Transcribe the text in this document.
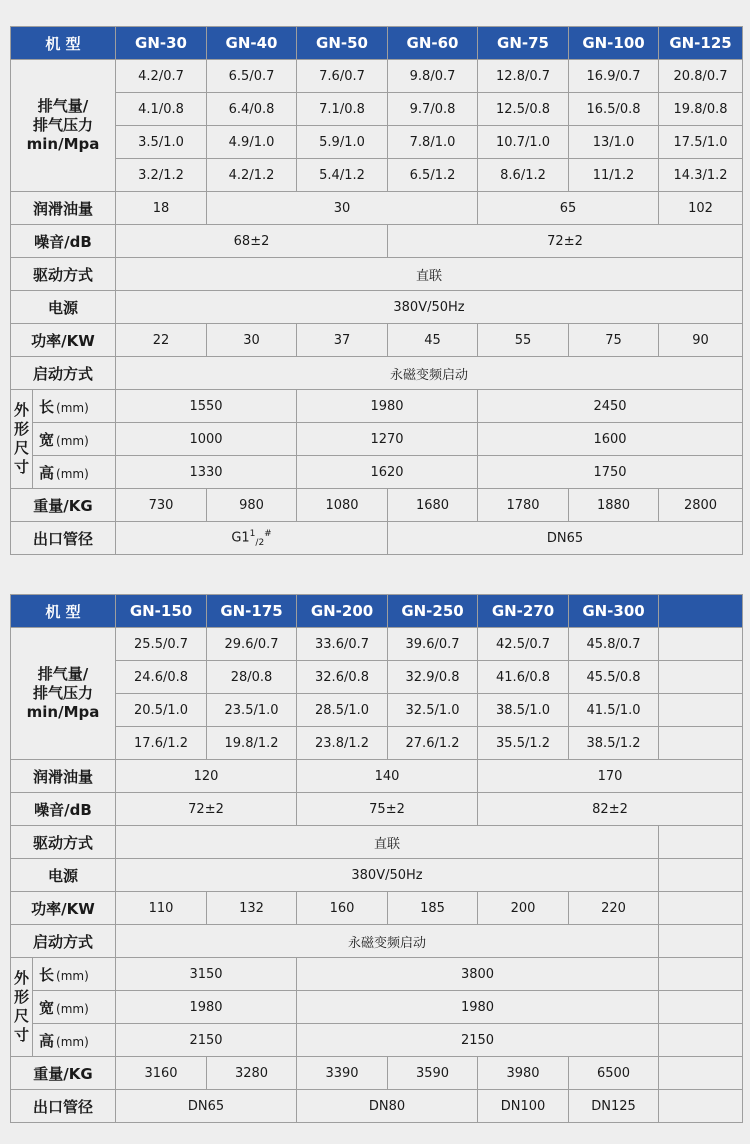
机 型		GN-30	GN-40	GN-50	GN-60	GN-75	GN-100	GN-125

排气量/
排气压力
min/Mpa		4.2/0.7	6.5/0.7	7.6/0.7	9.8/0.7	12.8/0.7	16.9/0.7	20.8/0.7
		4.1/0.8	6.4/0.8	7.1/0.8	9.7/0.8	12.5/0.8	16.5/0.8	19.8/0.8
		3.5/1.0	4.9/1.0	5.9/1.0	7.8/1.0	10.7/1.0	13/1.0	17.5/1.0
		3.2/1.2	4.2/1.2	5.4/1.2	6.5/1.2	8.6/1.2	11/1.2	14.3/1.2
润滑油量		18	30			65		102
噪音/dB		68±2			72±2			
驱动方式		直联						
电源		380V/50Hz						
功率/KW		22	30	37	45	55	75	90
启动方式		永磁变频启动						

外
形
尺
寸	长 (mm)	1550		1980		2450		
	宽 (mm)	1000		1270		1600		
	高 (mm)	1330		1620		1750		
重量/KG		730	980	1080	1680	1780	1880	2800
出口管径		$G1^1_{/2}^{\#}$			DN65			
机 型		GN-150	GN-175	GN-200	GN-250	GN-270	GN-300	

排气量/
排气压力
min/Mpa		25.5/0.7	29.6/0.7	33.6/0.7	39.6/0.7	42.5/0.7	45.8/0.7	
		24.6/0.8	28/0.8	32.6/0.8	32.9/0.8	41.6/0.8	45.5/0.8	
		20.5/1.0	23.5/1.0	28.5/1.0	32.5/1.0	38.5/1.0	41.5/1.0	
		17.6/1.2	19.8/1.2	23.8/1.2	27.6/1.2	35.5/1.2	38.5/1.2	
润滑油量		120		140		170		
噪音/dB		72±2		75±2		82±2		
驱动方式		直联						
电源		380V/50Hz						
功率/KW		110	132	160	185	200	220	
启动方式		永磁变频启动						

外
形
尺
寸	长 (mm)	3150		3800				
	宽 (mm)	1980		1980				
	高 (mm)	2150		2150				
重量/KG		3160	3280	3390	3590	3980	6500	
出口管径		DN65		DN80		DN100	DN125	
